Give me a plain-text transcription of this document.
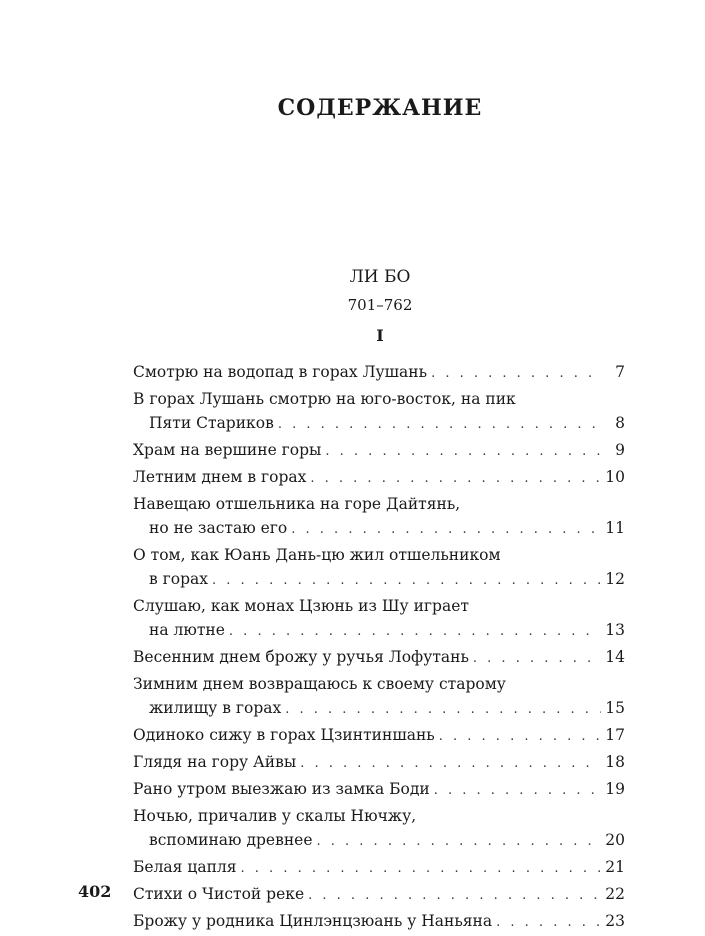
СОДЕРЖАНИЕ
ЛИ БО
701–762
I
Смотрю на водопад в горах Лушань . . .	7
В горах Лушань смотрю на юго-восток, на пик
Пяти Стариков . . .	8
Храм на вершине горы . . .	9
Летним днем в горах . . .	10
Навещаю отшельника на горе Дайтянь,
но не застаю его . . .	11
О том, как Юань Дань-цю жил отшельником
в горах . . .	12
Слушаю, как монах Цзюнь из Шу играет
на лютне . . .	13
Весенним днем брожу у ручья Лофутань . . .	14
Зимним днем возвращаюсь к своему старому
жилищу в горах . . .	15
Одиноко сижу в горах Цзинтиншань . . .	17
Глядя на гору Айвы . . .	18
Рано утром выезжаю из замка Боди . . .	19
Ночью, причалив у скалы Нючжу,
вспоминаю древнее . . .	20
Белая цапля . . .	21
Стихи о Чистой реке . . .	22
Брожу у родника Цинлэнцзюань у Наньяна . . .	23
402
